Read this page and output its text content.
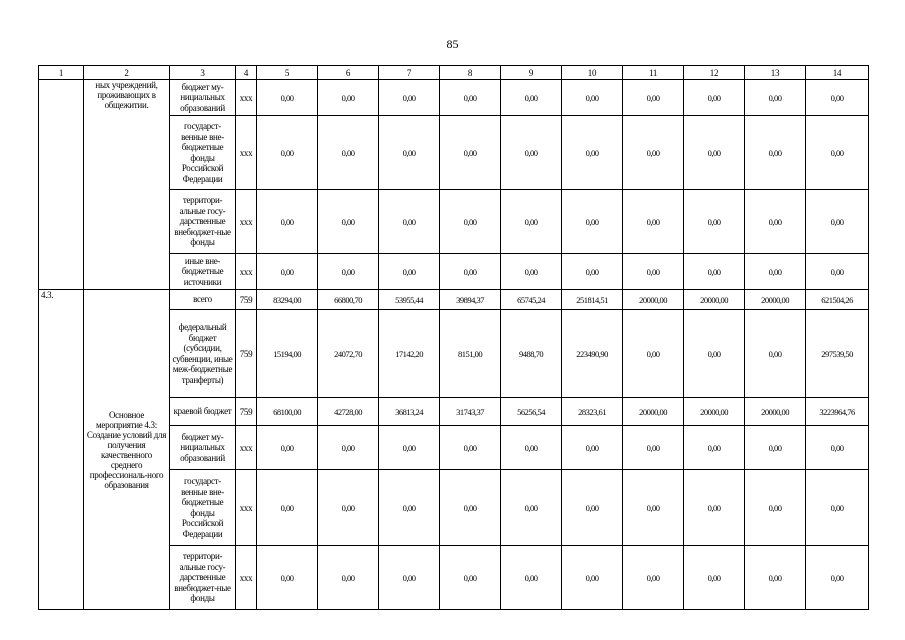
85
1	2	3	4	5	6	7	8	9	10	11	12	13	14
	ных учреждений, проживающих в общежитии.	бюджет му-нициальных образований	ххх	0,00	0,00	0,00	0,00	0,00	0,00	0,00	0,00	0,00	0,00
		государст-венные вне-бюджетные фонды Российской Федерации	ххх	0,00	0,00	0,00	0,00	0,00	0,00	0,00	0,00	0,00	0,00
		территори-альные госу-дарственные внебюджет-ные фонды	ххх	0,00	0,00	0,00	0,00	0,00	0,00	0,00	0,00	0,00	0,00
		иные вне-бюджетные источники	ххх	0,00	0,00	0,00	0,00	0,00	0,00	0,00	0,00	0,00	0,00
4.3.	Основное мероприятие 4.3: Создание условий для получения качественного среднего профессиональ-ного образования	всего	759	83294,00	66800,70	53955,44	39894,37	65745,24	251814,51	20000,00	20000,00	20000,00	621504,26
		федеральный бюджет (субсидии, субвенции, иные меж-бюджетные транферты)	759	15194,00	24072,70	17142,20	8151,00	9488,70	223490,90	0,00	0,00	0,00	297539,50
		краевой бюджет	759	68100,00	42728,00	36813,24	31743,37	56256,54	28323,61	20000,00	20000,00	20000,00	3223964,76
		бюджет му-нициальных образований	ххх	0,00	0,00	0,00	0,00	0,00	0,00	0,00	0,00	0,00	0,00
		государст-венные вне-бюджетные фонды Российской Федерации	ххх	0,00	0,00	0,00	0,00	0,00	0,00	0,00	0,00	0,00	0,00
		территори-альные госу-дарственные внебюджет-ные фонды	ххх	0,00	0,00	0,00	0,00	0,00	0,00	0,00	0,00	0,00	0,00
